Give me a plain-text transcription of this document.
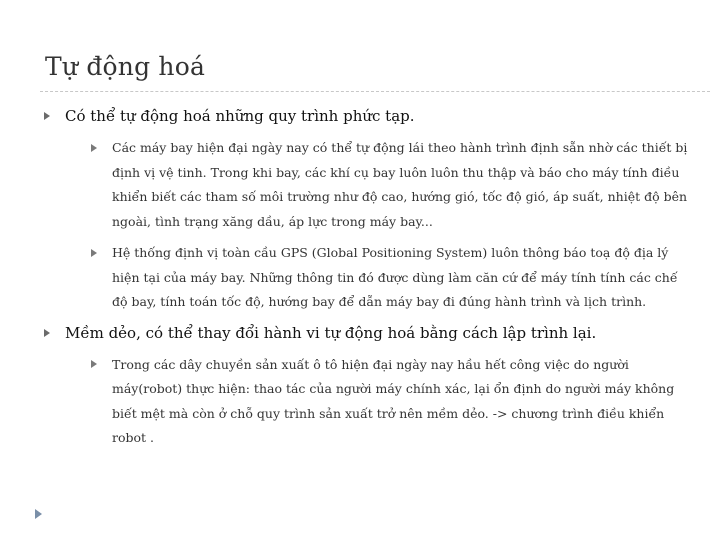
Tự động hoá
Có thể tự động hoá những quy trình phức tạp.
Các máy bay hiện đại ngày nay có thể tự động lái theo hành trình định sẵn nhờ các thiết bị định vị vệ tinh. Trong khi bay, các khí cụ bay luôn luôn thu thập và báo cho máy tính điều khiển biết các tham số môi trường như độ cao, hướng gió, tốc độ gió, áp suất, nhiệt độ bên ngoài, tình trạng xăng dầu, áp lực trong máy bay...
Hệ thống định vị toàn cầu GPS (Global Positioning System) luôn thông báo toạ độ địa lý hiện tại của máy bay. Những thông tin đó được dùng làm căn cứ để máy tính tính các chế độ bay, tính toán tốc độ, hướng bay để dẫn máy bay đi đúng hành trình và lịch trình.
Mềm dẻo, có thể thay đổi hành vi tự động hoá bằng cách lập trình lại.
Trong các dây chuyền sản xuất ô tô hiện đại ngày nay hầu hết công việc do người máy(robot) thực hiện: thao tác của người máy chính xác, lại ổn định do người máy không biết mệt mà còn ở chỗ quy trình sản xuất trở nên mềm dẻo. -> chương trình điều khiển robot .
